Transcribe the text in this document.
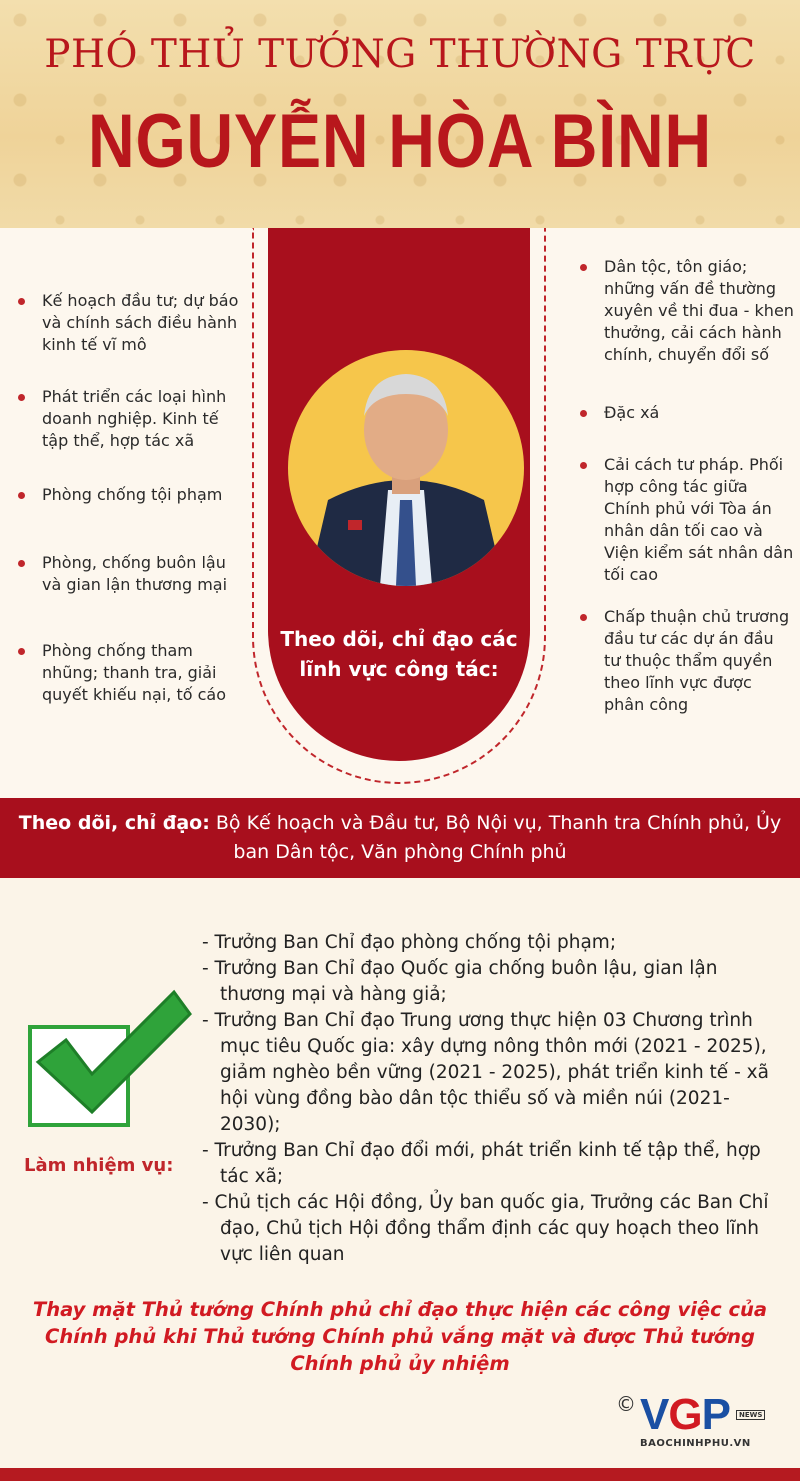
PHÓ THỦ TƯỚNG THƯỜNG TRỰC
NGUYỄN HÒA BÌNH
Theo dõi, chỉ đạo các lĩnh vực công tác:
Kế hoạch đầu tư; dự báo và chính sách điều hành kinh tế vĩ mô
Phát triển các loại hình doanh nghiệp. Kinh tế tập thể, hợp tác xã
Phòng chống tội phạm
Phòng, chống buôn lậu và gian lận thương mại
Phòng chống tham nhũng; thanh tra, giải quyết khiếu nại, tố cáo
Dân tộc, tôn giáo; những vấn đề thường xuyên về thi đua - khen thưởng, cải cách hành chính, chuyển đổi số
Đặc xá
Cải cách tư pháp. Phối hợp công tác giữa Chính phủ với Tòa án nhân dân tối cao và Viện kiểm sát nhân dân tối cao
Chấp thuận chủ trương đầu tư các dự án đầu tư thuộc thẩm quyền theo lĩnh vực được phân công
Theo dõi, chỉ đạo: Bộ Kế hoạch và Đầu tư, Bộ Nội vụ, Thanh tra Chính phủ, Ủy ban Dân tộc, Văn phòng Chính phủ
Làm nhiệm vụ:
- Trưởng Ban Chỉ đạo phòng chống tội phạm;
- Trưởng Ban Chỉ đạo Quốc gia chống buôn lậu, gian lận thương mại và hàng giả;
- Trưởng Ban Chỉ đạo Trung ương thực hiện 03 Chương trình mục tiêu Quốc gia: xây dựng nông thôn mới (2021 - 2025), giảm nghèo bền vững (2021 - 2025), phát triển kinh tế - xã hội vùng đồng bào dân tộc thiểu số và miền núi (2021-2030);
- Trưởng Ban Chỉ đạo đổi mới, phát triển kinh tế tập thể, hợp tác xã;
- Chủ tịch các Hội đồng, Ủy ban quốc gia, Trưởng các Ban Chỉ đạo, Chủ tịch Hội đồng thẩm định các quy hoạch theo lĩnh vực liên quan
Thay mặt Thủ tướng Chính phủ chỉ đạo thực hiện các công việc của Chính phủ khi Thủ tướng Chính phủ vắng mặt và được Thủ tướng Chính phủ ủy nhiệm
© VGP	NEWS
BAOCHINHPHU.VN
